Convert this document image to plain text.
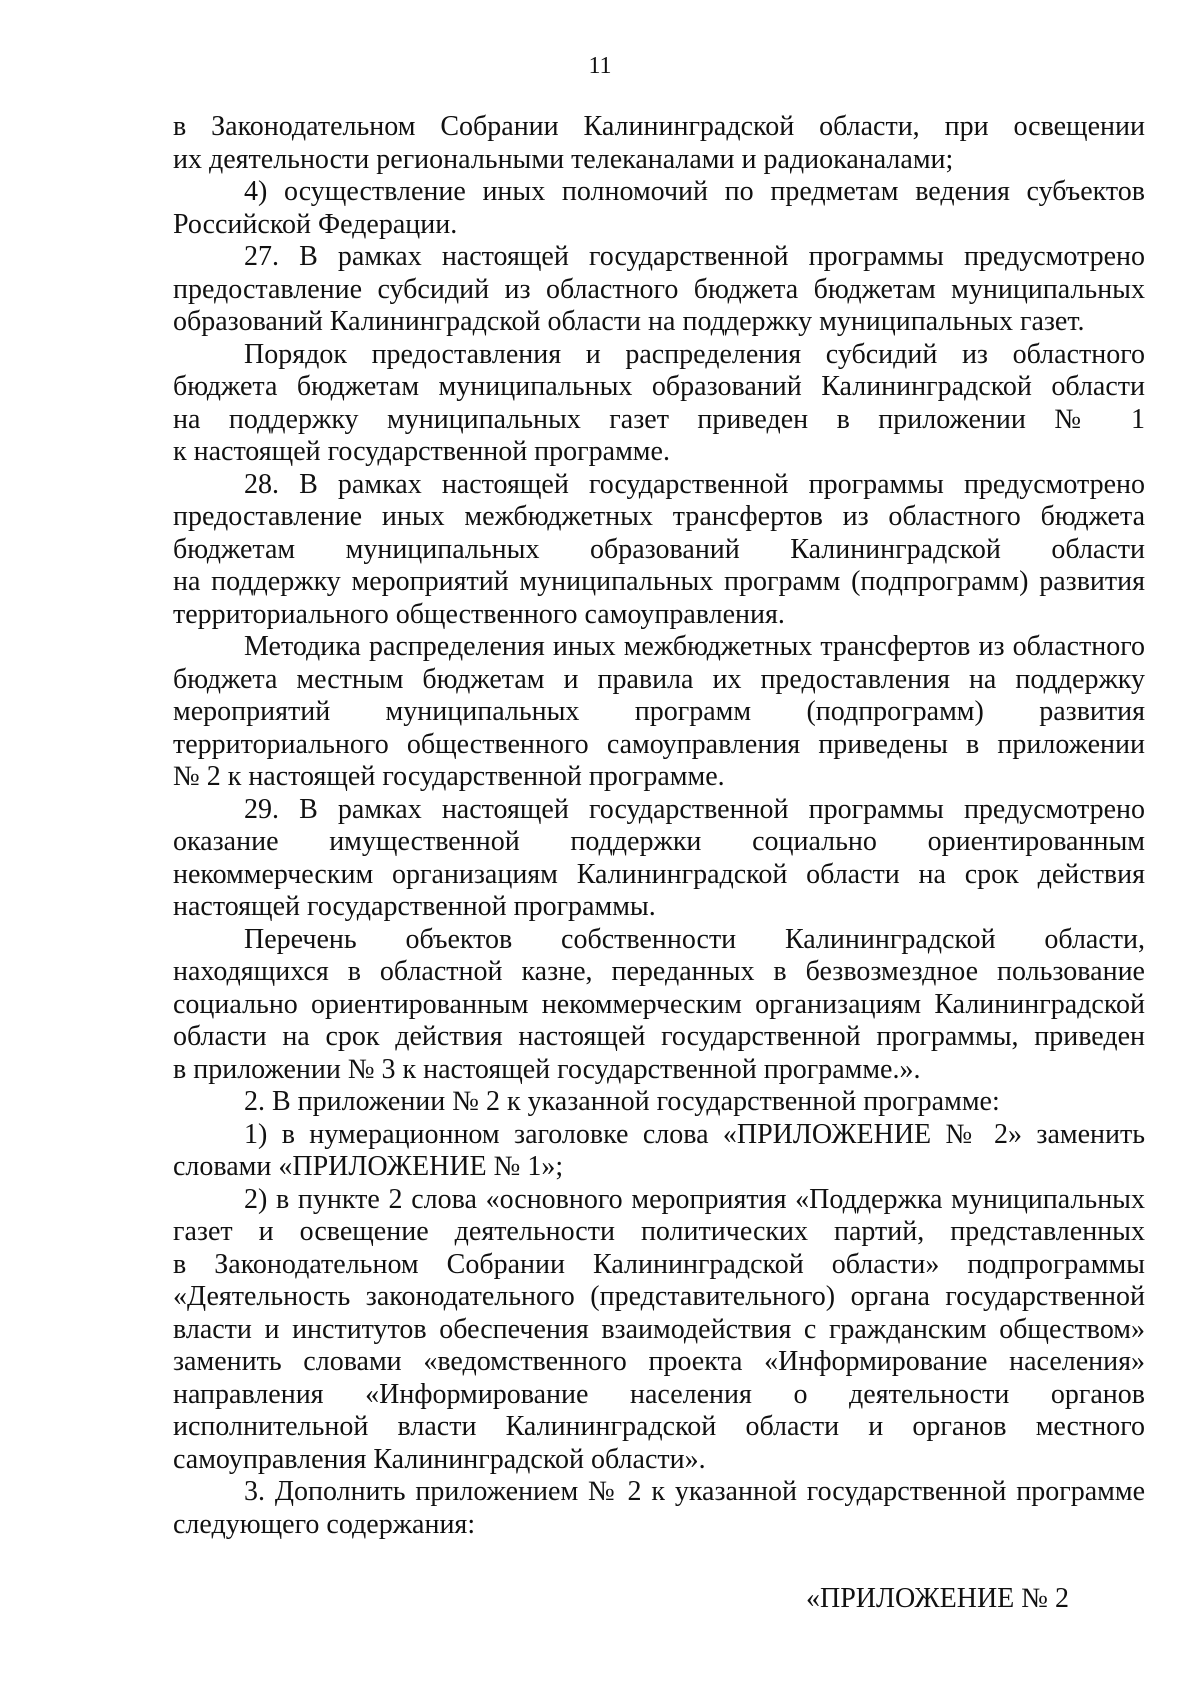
11
в Законодательном Собрании Калининградской области, при освещении
их деятельности региональными телеканалами и радиоканалами;
4) осуществление иных полномочий по предметам ведения субъектов
Российской Федерации.
27. В рамках настоящей государственной программы предусмотрено
предоставление субсидий из областного бюджета бюджетам муниципальных
образований Калининградской области на поддержку муниципальных газет.
Порядок предоставления и распределения субсидий из областного
бюджета бюджетам муниципальных образований Калининградской области
на поддержку муниципальных газет приведен в приложении № 1
к настоящей государственной программе.
28. В рамках настоящей государственной программы предусмотрено
предоставление иных межбюджетных трансфертов из областного бюджета
бюджетам муниципальных образований Калининградской области
на поддержку мероприятий муниципальных программ (подпрограмм) развития
территориального общественного самоуправления.
Методика распределения иных межбюджетных трансфертов из областного
бюджета местным бюджетам и правила их предоставления на поддержку
мероприятий муниципальных программ (подпрограмм) развития
территориального общественного самоуправления приведены в приложении
№ 2 к настоящей государственной программе.
29. В рамках настоящей государственной программы предусмотрено
оказание имущественной поддержки социально ориентированным
некоммерческим организациям Калининградской области на срок действия
настоящей государственной программы.
Перечень объектов собственности Калининградской области,
находящихся в областной казне, переданных в безвозмездное пользование
социально ориентированным некоммерческим организациям Калининградской
области на срок действия настоящей государственной программы, приведен
в приложении № 3 к настоящей государственной программе.».
2. В приложении № 2 к указанной государственной программе:
1) в нумерационном заголовке слова «ПРИЛОЖЕНИЕ № 2» заменить
словами «ПРИЛОЖЕНИЕ № 1»;
2) в пункте 2 слова «основного мероприятия «Поддержка муниципальных
газет и освещение деятельности политических партий, представленных
в Законодательном Собрании Калининградской области» подпрограммы
«Деятельность законодательного (представительного) органа государственной
власти и институтов обеспечения взаимодействия с гражданским обществом»
заменить словами «ведомственного проекта «Информирование населения»
направления «Информирование населения о деятельности органов
исполнительной власти Калининградской области и органов местного
самоуправления Калининградской области».
3. Дополнить приложением № 2 к указанной государственной программе
следующего содержания:
«ПРИЛОЖЕНИЕ № 2
